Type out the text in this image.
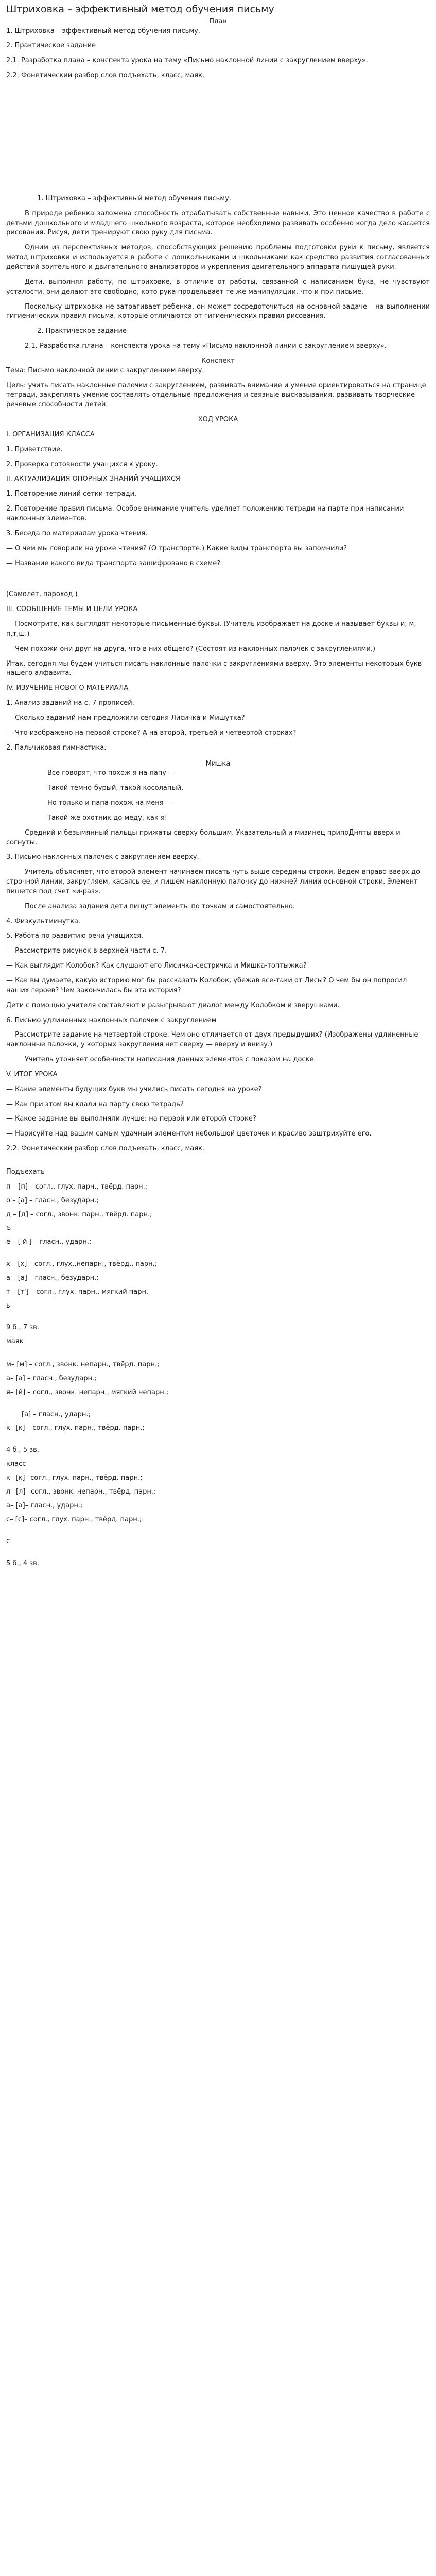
Штриховка – эффективный метод обучения письму
План
1. Штриховка – эффективный метод обучения письму.
2. Практическое задание
2.1. Разработка плана – конспекта урока на тему «Письмо наклонной линии с закруглением вверху».
2.2. Фонетический разбор слов подъехать, класс, маяк.
1. Штриховка – эффективный метод обучения письму.
В природе ребенка заложена способность отрабатывать собственные навыки. Это ценное качество в работе с детьми дошкольного и младшего школьного возраста, которое необходимо развивать особенно когда дело касается рисования. Рисуя, дети тренируют свою руку для письма.
Одним из перспективных методов, способствующих решению проблемы подготовки руки к письму, является метод штриховки и используется в работе с дошкольниками и школьниками как средство развития согласованных действий зрительного и двигательного анализаторов и укрепления двигательного аппарата пишущей руки.
Дети, выполняя работу, по штриховке, в отличие от работы, связанной с написанием букв, не чувствуют усталости, они делают это свободно, кото рука продельвает те же манипуляции, что и при письме.
Поскольку штриховка не затрагивает ребенка, он может сосредоточиться на основной задаче – на выполнении гигиенических правил письма, которые отличаются от гигиенических правил рисования.
2. Практическое задание
2.1. Разработка плана – конспекта урока на тему «Письмо наклонной линии с закруглением вверху».
Конспект
Тема: Письмо наклонной линии с закруглением вверху.
Цель: учить писать наклонные палочки с закруглением, развивать внимание и умение ориентироваться на странице тетради, закреплять умение составлять отдельные предложения и связные высказывания, развивать творческие речевые способности детей.
ХОД УРОКА
I. ОРГАНИЗАЦИЯ КЛАССА
1. Приветствие.
2. Проверка готовности учащихся к уроку.
II. АКТУАЛИЗАЦИЯ ОПОРНЫХ ЗНАНИЙ УЧАЩИХСЯ
1. Повторение линий сетки тетради.
2. Повторение правил письма. Особое внимание учитель уделяет положению тетради на парте при написании наклонных элементов.
3. Беседа по материалам урока чтения.
— О чем мы говорили на уроке чтения? (О транспорте.) Какие виды транспорта вы запомнили?
— Название какого вида транспорта зашифровано в схеме?
(Самолет, пароход.)
III. СООБЩЕНИЕ ТЕМЫ И ЦЕЛИ УРОКА
— Посмотрите, как выглядят некоторые письменные буквы. (Учитель изображает на доске и называет буквы и, м, п,т,ш.)
— Чем похожи они друг на друга, что в них общего? (Состоят из наклонных палочек с закруглениями.)
Итак, сегодня мы будем учиться писать наклонные палочки с закруглениями вверху. Это элементы некоторых букв нашего алфавита.
IV. ИЗУЧЕНИЕ НОВОГО МАТЕРИАЛА
1. Анализ заданий на с. 7 прописей.
— Сколько заданий нам предложили сегодня Лисичка и Мишутка?
— Что изображено на первой строке? А на второй, третьей и четвертой строках?
2. Пальчиковая гимнастика.
Мишка
Все говорят, что похож я на папу —
Такой темно-бурый, такой косолапый.
Но только и папа похож на меня —
Такой же охотник до меду, как я!
Средний и безымянный пальцы прижаты сверху большим. Указательный и мизинец припоДняты вверх и согнуты.
3. Письмо наклонных палочек с закруглением вверху.
Учитель объясняет, что второй элемент начинаем писать чуть выше середины строки. Ведем вправо-вверх до строчной линии, закругляем, касаясь ее, и пишем наклонную палочку до нижней линии основной строки. Элемент пишется под счет «и-раз».
После анализа задания дети пишут элементы по точкам и самостоятельно.
4. Физкультминутка.
5. Работа по развитию речи учащихся.
— Рассмотрите рисунок в верхней части с. 7.
— Как выглядит Колобок? Как слушают его Лисичка-сестричка и Мишка-топтыжка?
— Как вы думаете, какую историю мог бы рассказать Колобок, убежав все-таки от Лисы? О чем бы он попросил наших героев? Чем закончилась бы эта история?
Дети с помощью учителя составляют и разыгрывают диалог между Колобком и зверушками.
6. Письмо удлиненных наклонных палочек с закруглением
— Рассмотрите задание на четвертой строке. Чем оно отличается от двух предыдущих? (Изображены удлиненные наклонные палочки, у которых закругления нет сверху — вверху и внизу.)
Учитель уточняет особенности написания данных элементов с показом на доске.
V. ИТОГ УРОКА
— Какие элементы будущих букв мы учились писать сегодня на уроке?
— Как при этом вы клали на парту свою тетрадь?
— Какое задание вы выполняли лучше: на первой или второй строке?
— Нарисуйте над вашим самым удачным элементом небольшой цветочек и красиво заштрихуйте его.
2.2. Фонетический разбор слов подъехать, класс, маяк.
Подъехать
п – [п] – согл., глух. парн., твёрд. парн.;
о – [а] – гласн., безударн.;
д – [д] – согл., звонк. парн., твёрд. парн.;
ъ –
е – [ й ] – гласн., ударн.;
х – [х] – согл., глух.,непарн., твёрд., парн.;
а – [а] – гласн., безударн.;
т – [т'] – согл., глух. парн., мягкий парн.
ь –
9 б., 7 зв.
маяк
м– [м] – согл., звонк. непарн., твёрд. парн.;
а– [а] – гласн., безударн.;
я– [й] – согл., звонк. непарн., мягкий непарн.;
[а] – гласн., ударн.;
к– [к] – согл., глух. парн., твёрд. парн.;
4 б., 5 зв.
класс
к– [к]– согл., глух. парн., твёрд. парн.;
л– [л]– согл., звонк. непарн., твёрд. парн.;
а– [а]– гласн., ударн.;
с– [с]– согл., глух. парн., твёрд. парн.;
с
5 б., 4 зв.
